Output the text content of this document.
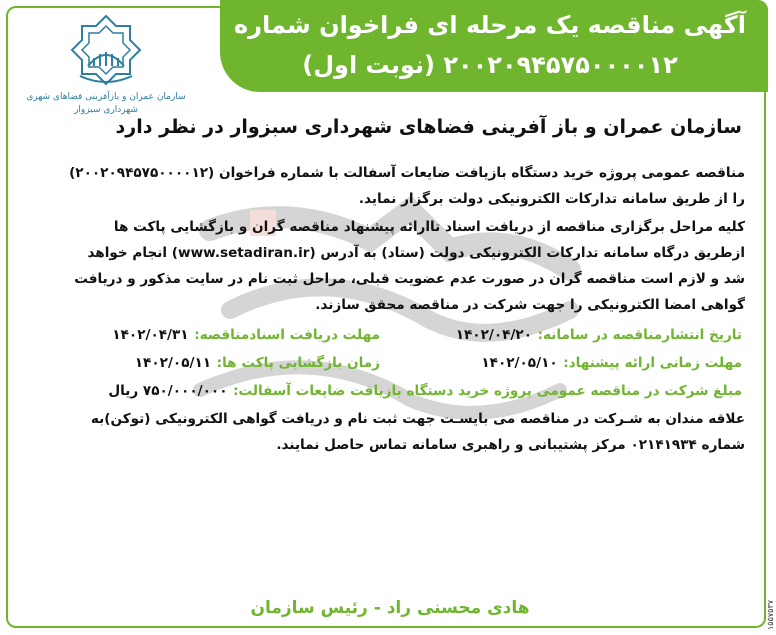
آگهی مناقصه یک مرحله ای فراخوان شماره
۲۰۰۲۰۹۴۵۷۵۰۰۰۰۱۲ (نوبت اول)
سازمان عمران و بازآفرینی فضاهای شهری
شهرداری سبزوار
سازمان عمران و باز آفرینی فضاهای شهرداری سبزوار در نظر دارد
مناقصه عمومی پروژه خرید دستگاه بازیافت ضایعات آسفالت با شماره فراخوان (۲۰۰۲۰۹۴۵۷۵۰۰۰۰۱۲)
را از طریق سامانه تدارکات الکترونیکی دولت برگزار نماید.
کلیه مراحل برگزاری مناقصه از دریافت اسناد تاارائه پیشنهاد مناقصه گران و بازگشایی پاکت ها
ازطریق درگاه سامانه تدارکات الکترونیکی دولت (ستاد) به آدرس (www.setadiran.ir) انجام خواهد
شد و لازم است مناقصه گران در صورت عدم عضویت قبلی، مراحل ثبت نام در سایت مذکور و دریافت
گواهی امضا الکترونیکی را جهت شرکت در مناقصه محقق سازند.
تاریخ انتشارمناقصه در سامانه: ۱۴۰۲/۰۴/۲۰
مهلت دریافت اسنادمناقصه: ۱۴۰۲/۰۴/۳۱
مهلت زمانی ارائه پیشنهاد: ۱۴۰۲/۰۵/۱۰
زمان بازگشایی پاکت ها: ۱۴۰۲/۰۵/۱۱
مبلغ شرکت در مناقصه عمومی پروژه خرید دستگاه بازیافت ضایعات آسفالت: ۷۵۰/۰۰۰/۰۰۰ ریال
علاقه مندان به شـرکت در مناقصه می بایسـت جهت ثبت نام و دریافت گواهی الکترونیکی (توکن)به
شماره ۰۲۱۴۱۹۳۴ مرکز پشتیبانی و راهبری سامانه تماس حاصل نمایند.
هادی محسنی راد - رئیس سازمان	۱۵۵۷۵۳۷
